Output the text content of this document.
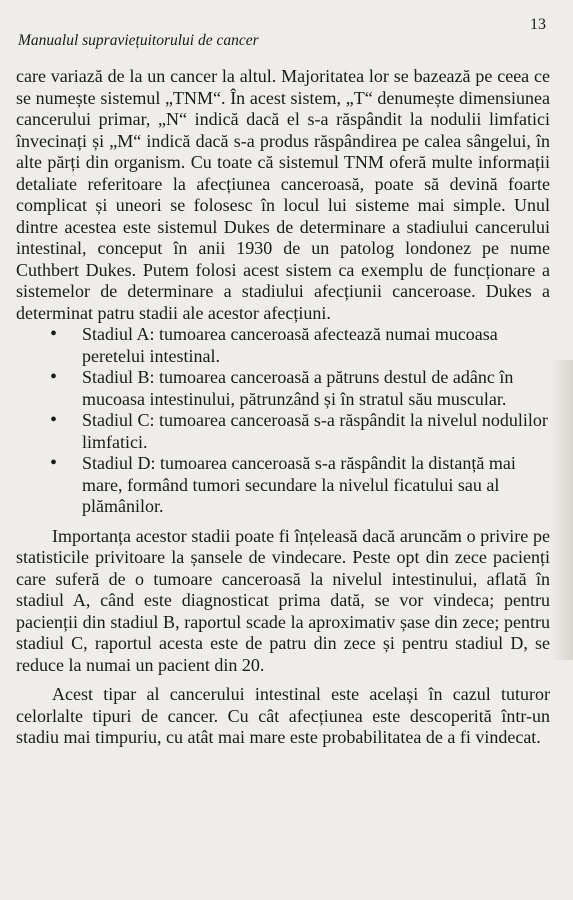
Manualul supraviețuitorului de cancer
13

care variază de la un cancer la altul. Majoritatea lor se bazează pe ceea ce se numește sistemul „TNM“. În acest sistem, „T“ denumește dimensiunea cancerului primar, „N“ indică dacă el s-a răspândit la nodulii limfatici învecinați și „M“ indică dacă s-a produs răspândirea pe calea sângelui, în alte părți din organism. Cu toate că sistemul TNM oferă multe informații detaliate referitoare la afecțiunea canceroasă, poate să devină foarte complicat și uneori se folosesc în locul lui sisteme mai simple. Unul dintre acestea este sistemul Dukes de determinare a stadiului cancerului intestinal, conceput în anii 1930 de un patolog londonez pe nume Cuthbert Dukes. Putem folosi acest sistem ca exemplu de funcționare a sistemelor de determinare a stadiului afecțiunii canceroase. Dukes a determinat patru stadii ale acestor afecțiuni.

• Stadiul A: tumoarea canceroasă afectează numai mucoasa peretelui intestinal.
• Stadiul B: tumoarea canceroasă a pătruns destul de adânc în mucoasa intestinului, pătrunzând și în stratul său muscular.
• Stadiul C: tumoarea canceroasă s-a răspândit la nivelul nodulilor limfatici.
• Stadiul D: tumoarea canceroasă s-a răspândit la distanță mai mare, formând tumori secundare la nivelul ficatului sau al plămânilor.

Importanța acestor stadii poate fi înțeleasă dacă aruncăm o privire pe statisticile privitoare la șansele de vindecare. Peste opt din zece pacienți care suferă de o tumoare canceroasă la nivelul intestinului, aflată în stadiul A, când este diagnosticat prima dată, se vor vindeca; pentru pacienții din stadiul B, raportul scade la aproximativ șase din zece; pentru stadiul C, raportul acesta este de patru din zece și pentru stadiul D, se reduce la numai un pacient din 20.

Acest tipar al cancerului intestinal este același în cazul tuturor celorlalte tipuri de cancer. Cu cât afecțiunea este descoperită într-un stadiu mai timpuriu, cu atât mai mare este probabilitatea de a fi vindecat.
